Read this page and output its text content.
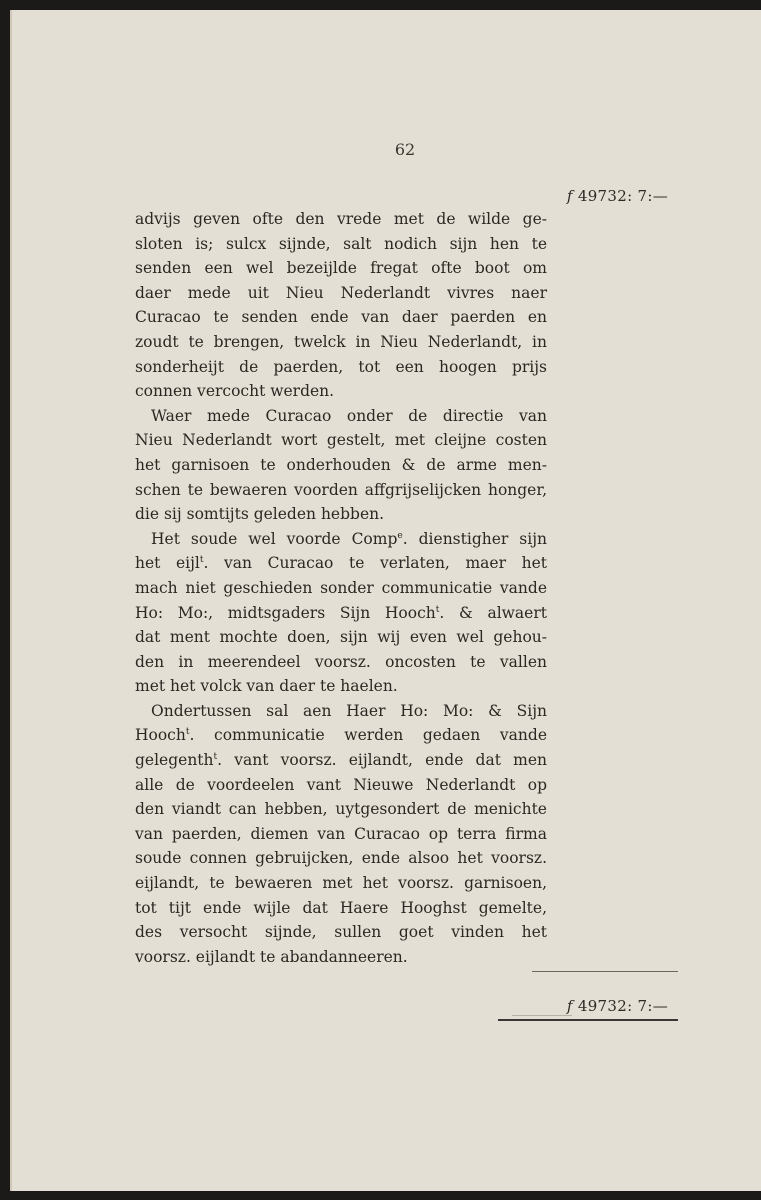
62
f 49732: 7:—
advijs geven ofte den vrede met de wilde ge-
sloten is; sulcx sijnde, salt nodich sijn hen te
senden een wel bezeijlde fregat ofte boot om
daer mede uit Nieu Nederlandt vivres naer
Curacao te senden ende van daer paerden en
zoudt te brengen, twelck in Nieu Nederlandt, in
sonderheijt de paerden, tot een hoogen prijs
connen vercocht werden.
Waer mede Curacao onder de directie van
Nieu Nederlandt wort gestelt, met cleijne costen
het garnisoen te onderhouden & de arme men-
schen te bewaeren voorden affgrijselijcken honger,
die sij somtijts geleden hebben.
Het soude wel voorde Comp$^e$. dienstigher sijn
het eijl$^t$. van Curacao te verlaten, maer het
mach niet geschieden sonder communicatie vande
Ho: Mo:, midtsgaders Sijn Hooch$^t$. & alwaert
dat ment mochte doen, sijn wij even wel gehou-
den in meerendeel voorsz. oncosten te vallen
met het volck van daer te haelen.
Ondertussen sal aen Haer Ho: Mo: & Sijn
Hooch$^t$. communicatie werden gedaen vande
gelegenth$^t$. vant voorsz. eijlandt, ende dat men
alle de voordeelen vant Nieuwe Nederlandt op
den viandt can hebben, uytgesondert de menichte
van paerden, diemen van Curacao op terra firma
soude connen gebruijcken, ende alsoo het voorsz.
eijlandt, te bewaeren met het voorsz. garnisoen,
tot tijt ende wijle dat Haere Hooghst gemelte,
des versocht sijnde, sullen goet vinden het
voorsz. eijlandt te abandanneeren.
f 49732: 7:—
